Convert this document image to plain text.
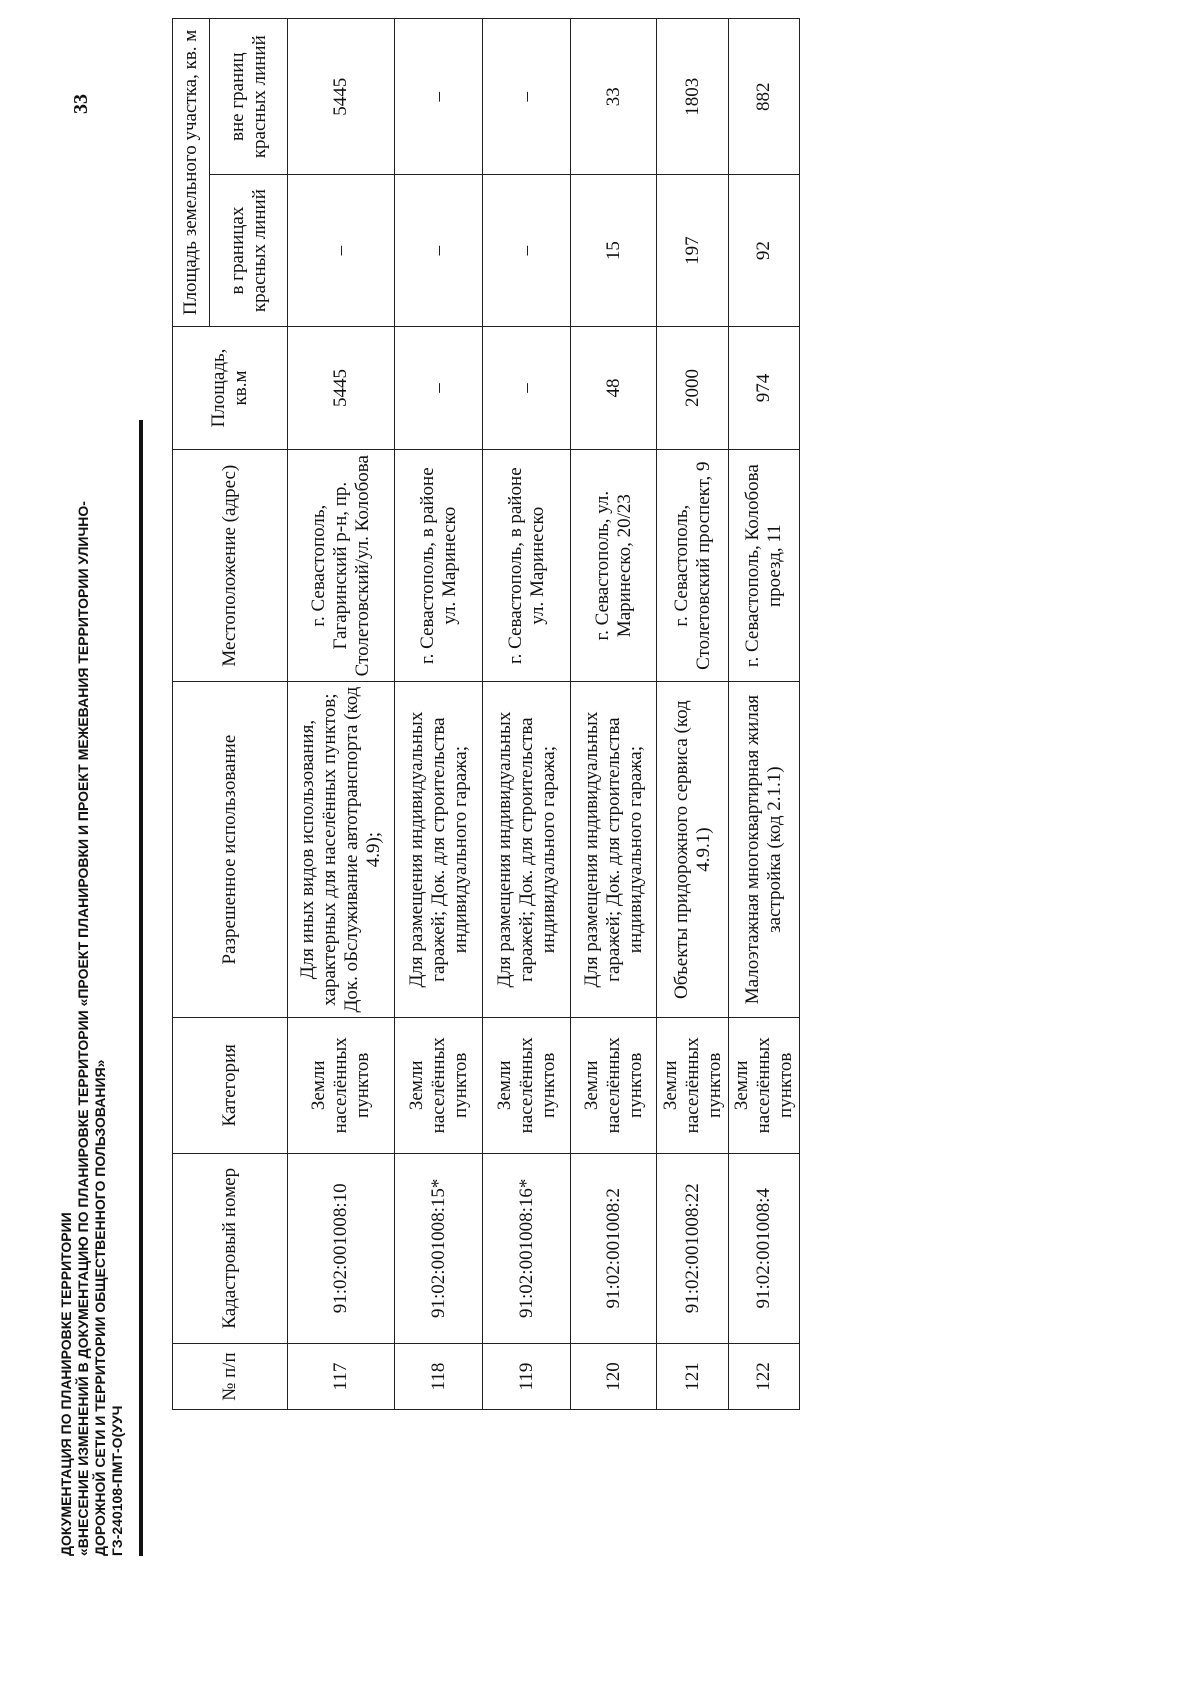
33
ДОКУМЕНТАЦИЯ ПО ПЛАНИРОВКЕ ТЕРРИТОРИИ «ВНЕСЕНИЕ ИЗМЕНЕНИЙ В ДОКУМЕНТАЦИЮ ПО ПЛАНИРОВКЕ ТЕРРИТОРИИ «ПРОЕКТ ПЛАНИРОВКИ И ПРОЕКТ МЕЖЕВАНИЯ ТЕРРИТОРИИ УЛИЧНО- ДОРОЖНОЙ СЕТИ И ТЕРРИТОРИИ ОБЩЕСТВЕННОГО ПОЛЬЗОВАНИЯ» ГЗ-240108-ПМТ-О(УУЧ
№ п/п	Кадастровый номер	Категория	Разрешенное использование	Местоположение (адрес)	Площадь, кв.м	Площадь земельного участка, кв. м	
						в границах красных линий	вне границ красных линий
117	91:02:001008:10	Земли населённых пунктов	Для иных видов использования, характерных для населённых пунктов; Док. оБслуживание автотранспорта (код 4.9);	г. Севастополь, Гагаринский р-н, пр. Столетовский/ул. Колобова	5445	–	5445
118	91:02:001008:15*	Земли населённых пунктов	Для размещения индивидуальных гаражей; Док. для строительства индивидуального гаража;	г. Севастополь, в районе ул. Маринеско	–	–	–
119	91:02:001008:16*	Земли населённых пунктов	Для размещения индивидуальных гаражей; Док. для строительства индивидуального гаража;	г. Севастополь, в районе ул. Маринеско	–	–	–
120	91:02:001008:2	Земли населённых пунктов	Для размещения индивидуальных гаражей; Док. для строительства индивидуального гаража;	г. Севастополь, ул. Маринеско, 20/23	48	15	33
121	91:02:001008:22	Земли населённых пунктов	Объекты придорожного сервиса (код 4.9.1)	г. Севастополь, Столетовский проспект, 9	2000	197	1803
122	91:02:001008:4	Земли населённых пунктов	Малоэтажная многоквартирная жилая застройка (код 2.1.1)	г. Севастополь, Колобова проезд, 11	974	92	882
